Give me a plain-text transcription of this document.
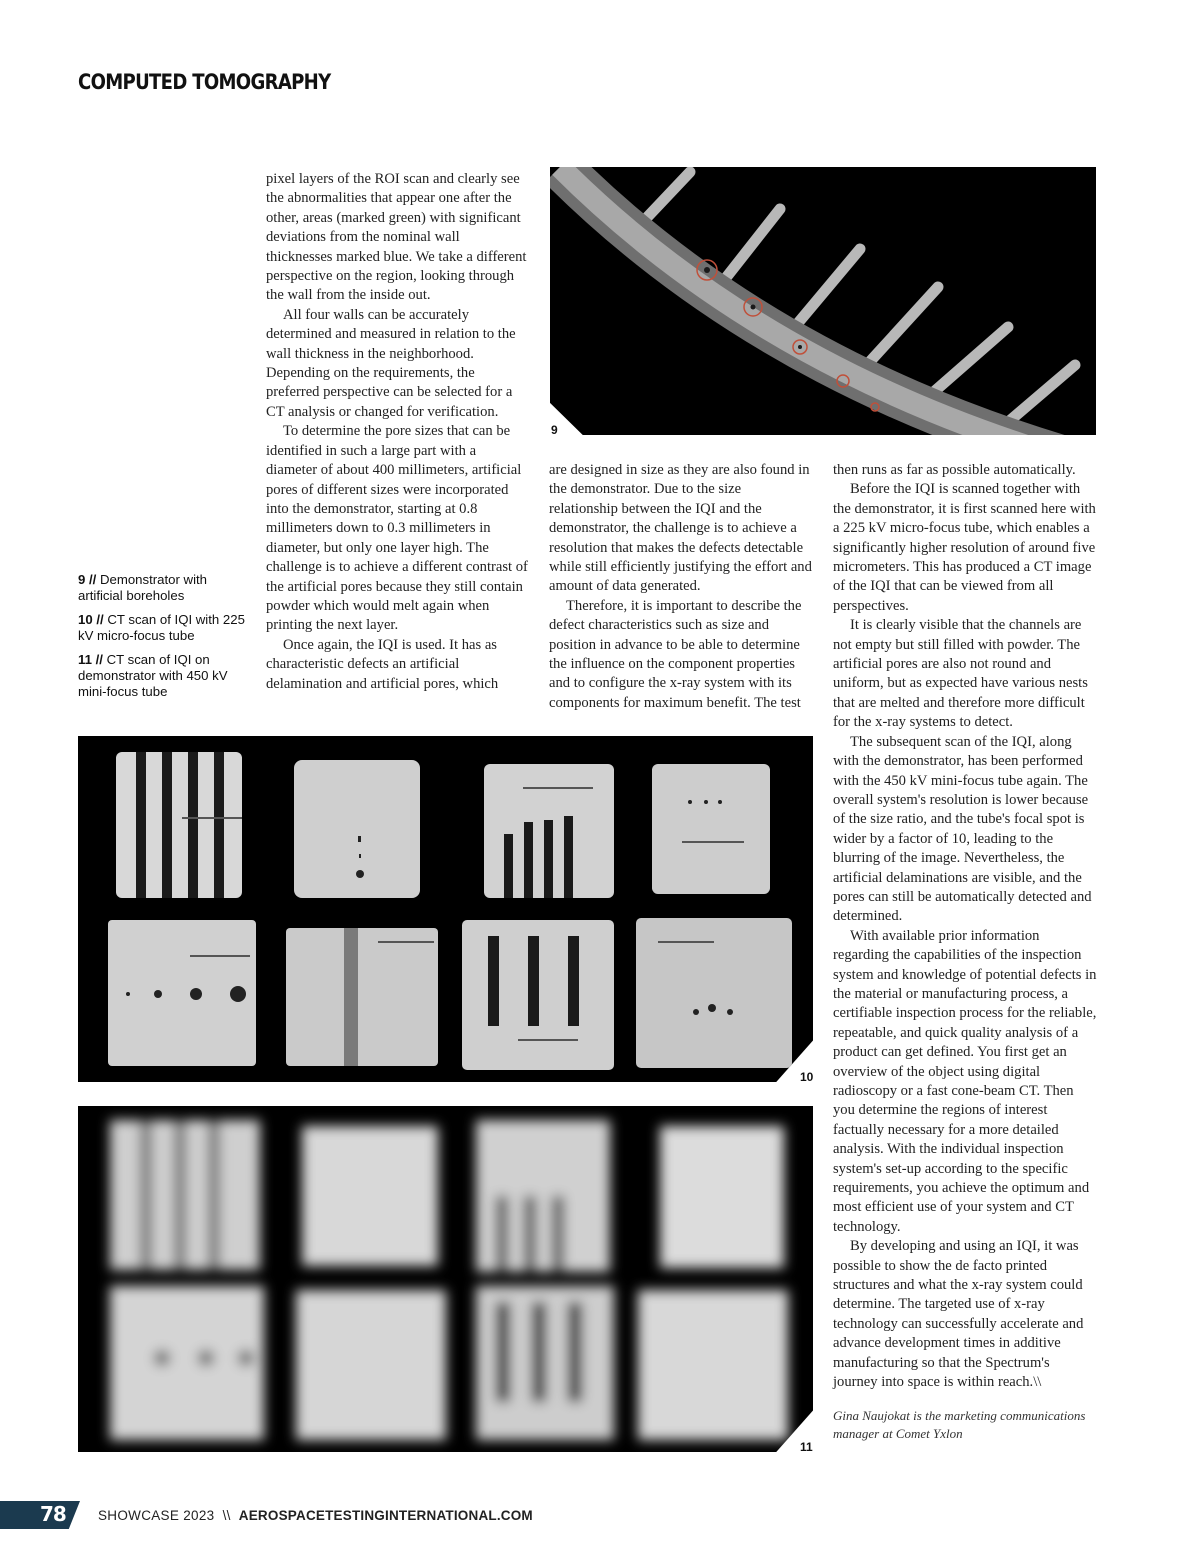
COMPUTED TOMOGRAPHY

pixel layers of the ROI scan and clearly see the abnormalities that appear one after the other, areas (marked green) with significant deviations from the nominal wall thicknesses marked blue. We take a different perspective on the region, looking through the wall from the inside out.

All four walls can be accurately determined and measured in relation to the wall thickness in the neighborhood. Depending on the requirements, the preferred perspective can be selected for a CT analysis or changed for verification.

To determine the pore sizes that can be identified in such a large part with a diameter of about 400 millimeters, artificial pores of different sizes were incorporated into the demonstrator, starting at 0.8 millimeters down to 0.3 millimeters in diameter, but only one layer high. The challenge is to achieve a different contrast of the artificial pores because they still contain powder which would melt again when printing the next layer.

Once again, the IQI is used. It has as characteristic defects an artificial delamination and artificial pores, which

are designed in size as they are also found in the demonstrator. Due to the size relationship between the IQI and the demonstrator, the challenge is to achieve a resolution that makes the defects detectable while still efficiently justifying the effort and amount of data generated.

Therefore, it is important to describe the defect characteristics such as size and position in advance to be able to determine the influence on the component properties and to configure the x-ray system with its components for maximum benefit. The test

then runs as far as possible automatically.

Before the IQI is scanned together with the demonstrator, it is first scanned here with a 225 kV micro-focus tube, which enables a significantly higher resolution of around five micrometers. This has produced a CT image of the IQI that can be viewed from all perspectives.

It is clearly visible that the channels are not empty but still filled with powder. The artificial pores are also not round and uniform, but as expected have various nests that are melted and therefore more difficult for the x-ray systems to detect.

The subsequent scan of the IQI, along with the demonstrator, has been performed with the 450 kV mini-focus tube again. The overall system's resolution is lower because of the size ratio, and the tube's focal spot is wider by a factor of 10, leading to the blurring of the image. Nevertheless, the artificial delaminations are visible, and the pores can still be automatically detected and determined.

With available prior information regarding the capabilities of the inspection system and knowledge of potential defects in the material or manufacturing process, a certifiable inspection process for the reliable, repeatable, and quick quality analysis of a product can get defined. You first get an overview of the object using digital radioscopy or a fast cone-beam CT. Then you determine the regions of interest factually necessary for a more detailed analysis. With the individual inspection system's set-up according to the specific requirements, you achieve the optimum and most efficient use of your system and CT technology.

By developing and using an IQI, it was possible to show the de facto printed structures and what the x-ray system could determine. The targeted use of x-ray technology can successfully accelerate and advance development times in additive manufacturing so that the Spectrum's journey into space is within reach.\\

9 // Demonstrator with artificial boreholes
10 // CT scan of IQI with 225 kV micro-focus tube
11 // CT scan of IQI on demonstrator with 450 kV mini-focus tube
9
10
11
Gina Naujokat is the marketing communications manager at Comet Yxlon
78 SHOWCASE 2023 \\ AEROSPACETESTINGINTERNATIONAL.COM
